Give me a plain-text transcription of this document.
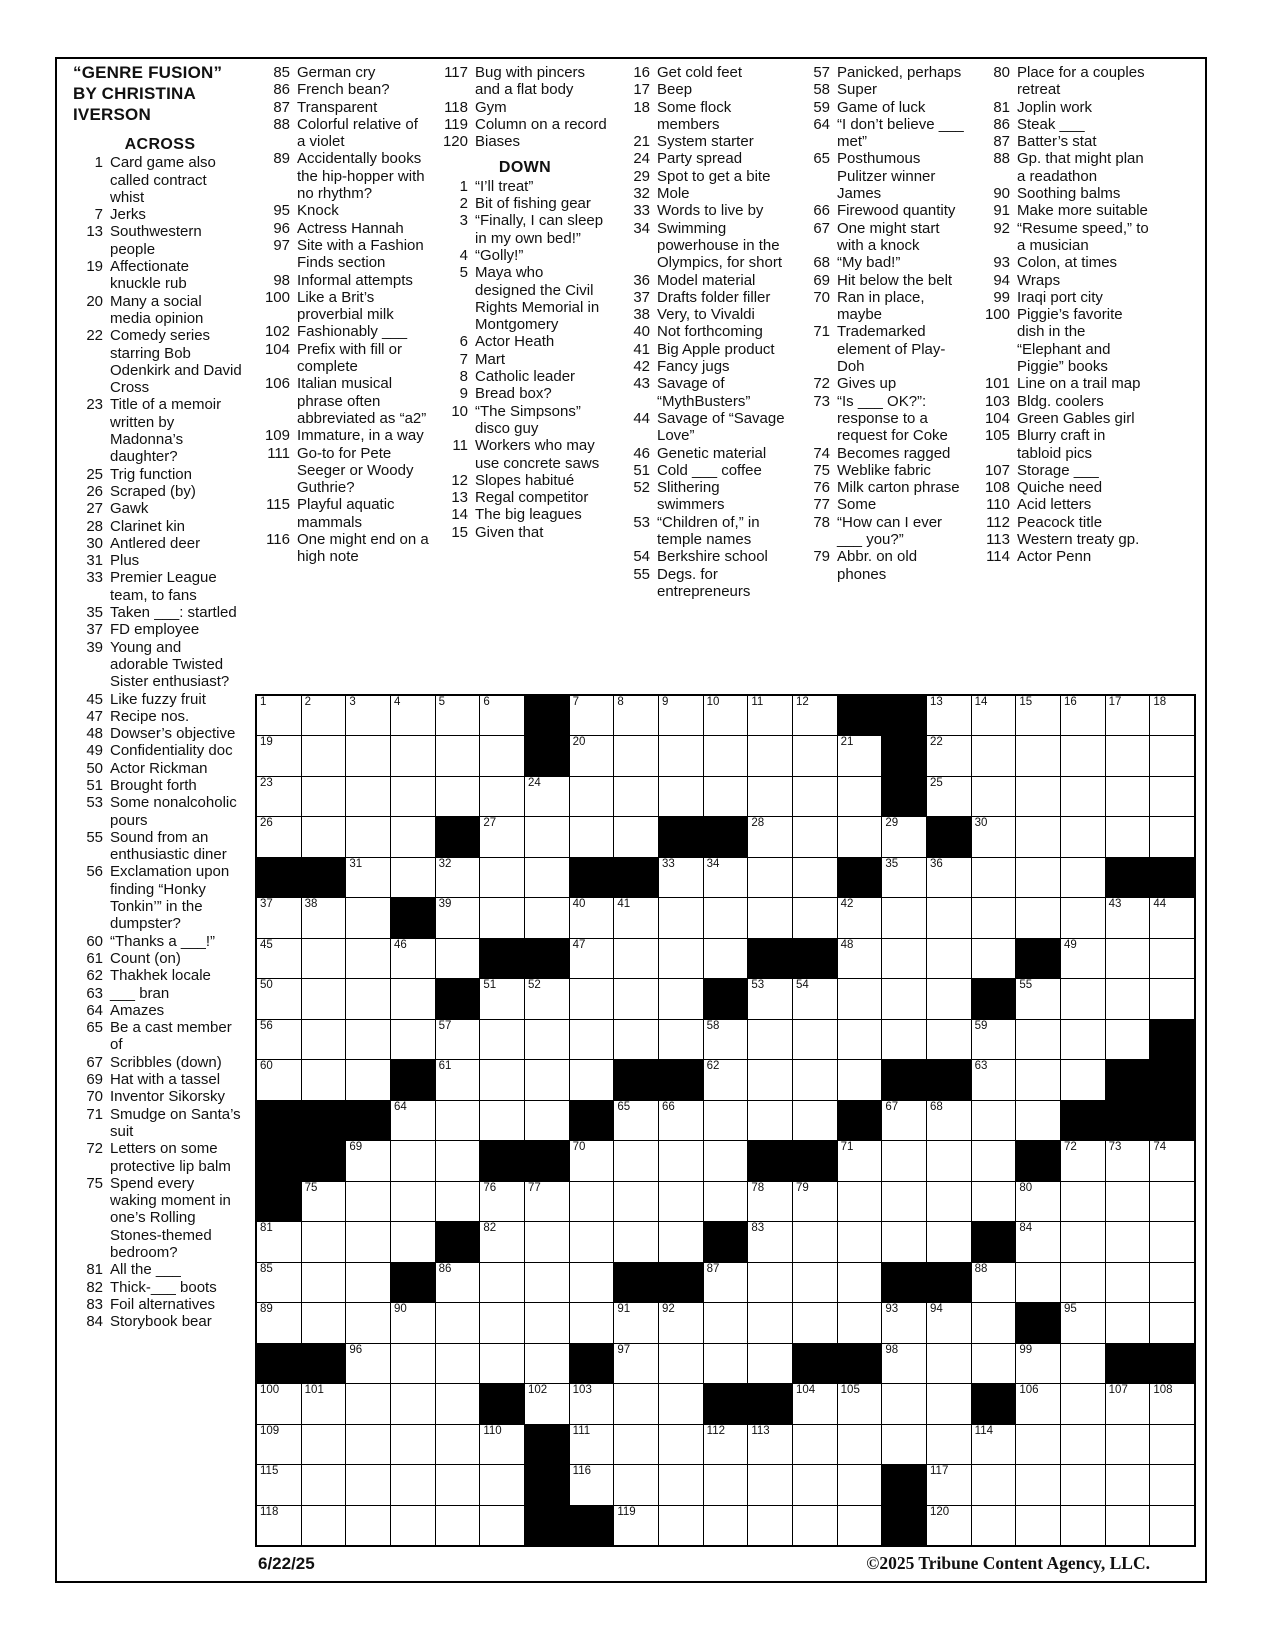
“GENRE FUSION”
BY CHRISTINA
IVERSON
ACROSS
1 Card game also called contract whist
7 Jerks
13 Southwestern people
19 Affectionate knuckle rub
20 Many a social media opinion
22 Comedy series starring Bob Odenkirk and David Cross
23 Title of a memoir written by Madonna’s daughter?
25 Trig function
26 Scraped (by)
27 Gawk
28 Clarinet kin
30 Antlered deer
31 Plus
33 Premier League team, to fans
35 Taken ___: startled
37 FD employee
39 Young and adorable Twisted Sister enthusiast?
45 Like fuzzy fruit
47 Recipe nos.
48 Dowser’s objective
49 Confidentiality doc
50 Actor Rickman
51 Brought forth
53 Some nonalcoholic pours
55 Sound from an enthusiastic diner
56 Exclamation upon finding “Honky Tonkin’” in the dumpster?
60 “Thanks a ___!”
61 Count (on)
62 Thakhek locale
63 ___ bran
64 Amazes
65 Be a cast member of
67 Scribbles (down)
69 Hat with a tassel
70 Inventor Sikorsky
71 Smudge on Santa’s suit
72 Letters on some protective lip balm
75 Spend every waking moment in one’s Rolling Stones-themed bedroom?
81 All the ___
82 Thick-___ boots
83 Foil alternatives
84 Storybook bear
85 German cry
86 French bean?
87 Transparent
88 Colorful relative of a violet
89 Accidentally books the hip-hopper with no rhythm?
95 Knock
96 Actress Hannah
97 Site with a Fashion Finds section
98 Informal attempts
100 Like a Brit’s proverbial milk
102 Fashionably ___
104 Prefix with fill or complete
106 Italian musical phrase often abbreviated as “a2”
109 Immature, in a way
111 Go-to for Pete Seeger or Woody Guthrie?
115 Playful aquatic mammals
116 One might end on a high note
117 Bug with pincers and a flat body
118 Gym
119 Column on a record
120 Biases
DOWN
1 “I’ll treat”
2 Bit of fishing gear
3 “Finally, I can sleep in my own bed!”
4 “Golly!”
5 Maya who designed the Civil Rights Memorial in Montgomery
6 Actor Heath
7 Mart
8 Catholic leader
9 Bread box?
10 “The Simpsons” disco guy
11 Workers who may use concrete saws
12 Slopes habitué
13 Regal competitor
14 The big leagues
15 Given that
16 Get cold feet
17 Beep
18 Some flock members
21 System starter
24 Party spread
29 Spot to get a bite
32 Mole
33 Words to live by
34 Swimming powerhouse in the Olympics, for short
36 Model material
37 Drafts folder filler
38 Very, to Vivaldi
40 Not forthcoming
41 Big Apple product
42 Fancy jugs
43 Savage of “MythBusters”
44 Savage of “Savage Love”
46 Genetic material
51 Cold ___ coffee
52 Slithering swimmers
53 “Children of,” in temple names
54 Berkshire school
55 Degs. for entrepreneurs
57 Panicked, perhaps
58 Super
59 Game of luck
64 “I don’t believe ___ met”
65 Posthumous Pulitzer winner James
66 Firewood quantity
67 One might start with a knock
68 “My bad!”
69 Hit below the belt
70 Ran in place, maybe
71 Trademarked element of Play-Doh
72 Gives up
73 “Is ___ OK?”: response to a request for Coke
74 Becomes ragged
75 Weblike fabric
76 Milk carton phrase
77 Some
78 “How can I ever ___ you?”
79 Abbr. on old phones
80 Place for a couples retreat
81 Joplin work
86 Steak ___
87 Batter’s stat
88 Gp. that might plan a readathon
90 Soothing balms
91 Make more suitable
92 “Resume speed,” to a musician
93 Colon, at times
94 Wraps
99 Iraqi port city
100 Piggie’s favorite dish in the “Elephant and Piggie” books
101 Line on a trail map
103 Bldg. coolers
104 Green Gables girl
105 Blurry craft in tabloid pics
107 Storage ___
108 Quiche need
110 Acid letters
112 Peacock title
113 Western treaty gp.
114 Actor Penn
1	2	3	4	5	6	7	8	9	10	11	12	13	14	15	16	17	18
19	20	21	22
23	24	25
26	27	28	29	30
31	32	33	34	35	36
37	38	39	40	41	42	43	44
45	46	47	48	49
50	51	52	53	54	55
56	57	58	59
60	61	62	63
64	65	66	67	68
69	70	71	72	73	74
75	76	77	78	79	80
81	82	83	84
85	86	87	88
89	90	91	92	93	94	95
96	97	98	99
100 101	102 103	104 105	106	107 108
109	110	111	112 113	114
115	116	117
118	119	120
6/22/25	©2025 Tribune Content Agency, LLC.
